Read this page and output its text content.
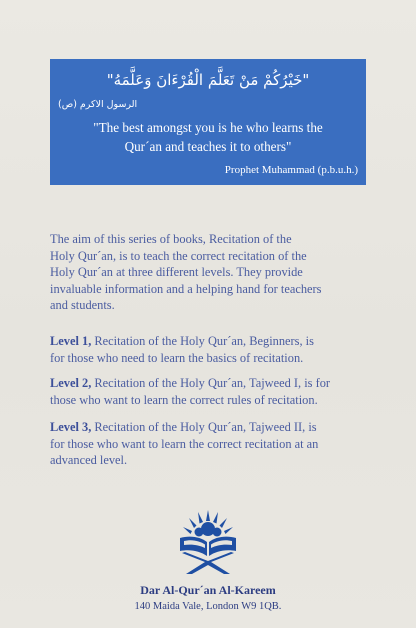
"خَيْرُكُمْ مَنْ تَعَلَّمَ الْقُرْءَانَ وَعَلَّمَهُ"
الرسول الاكرم (ص)
"The best amongst you is he who learns the
Qur´an and teaches it to others"
Prophet Muhammad (p.b.u.h.)
The aim of this series of books, Recitation of the
Holy Qur´an, is to teach the correct recitation of the
Holy Qur´an at three different levels. They provide
invaluable information and a helping hand for teachers
and students.
Level 1, Recitation of the Holy Qur´an, Beginners, is
for those who need to learn the basics of recitation.
Level 2, Recitation of the Holy Qur´an, Tajweed I, is for
those who want to learn the correct rules of recitation.
Level 3, Recitation of the Holy Qur´an, Tajweed II, is
for those who want to learn the correct recitation at an
advanced level.
Dar Al-Qur´an Al-Kareem
140 Maida Vale, London W9 1QB.
